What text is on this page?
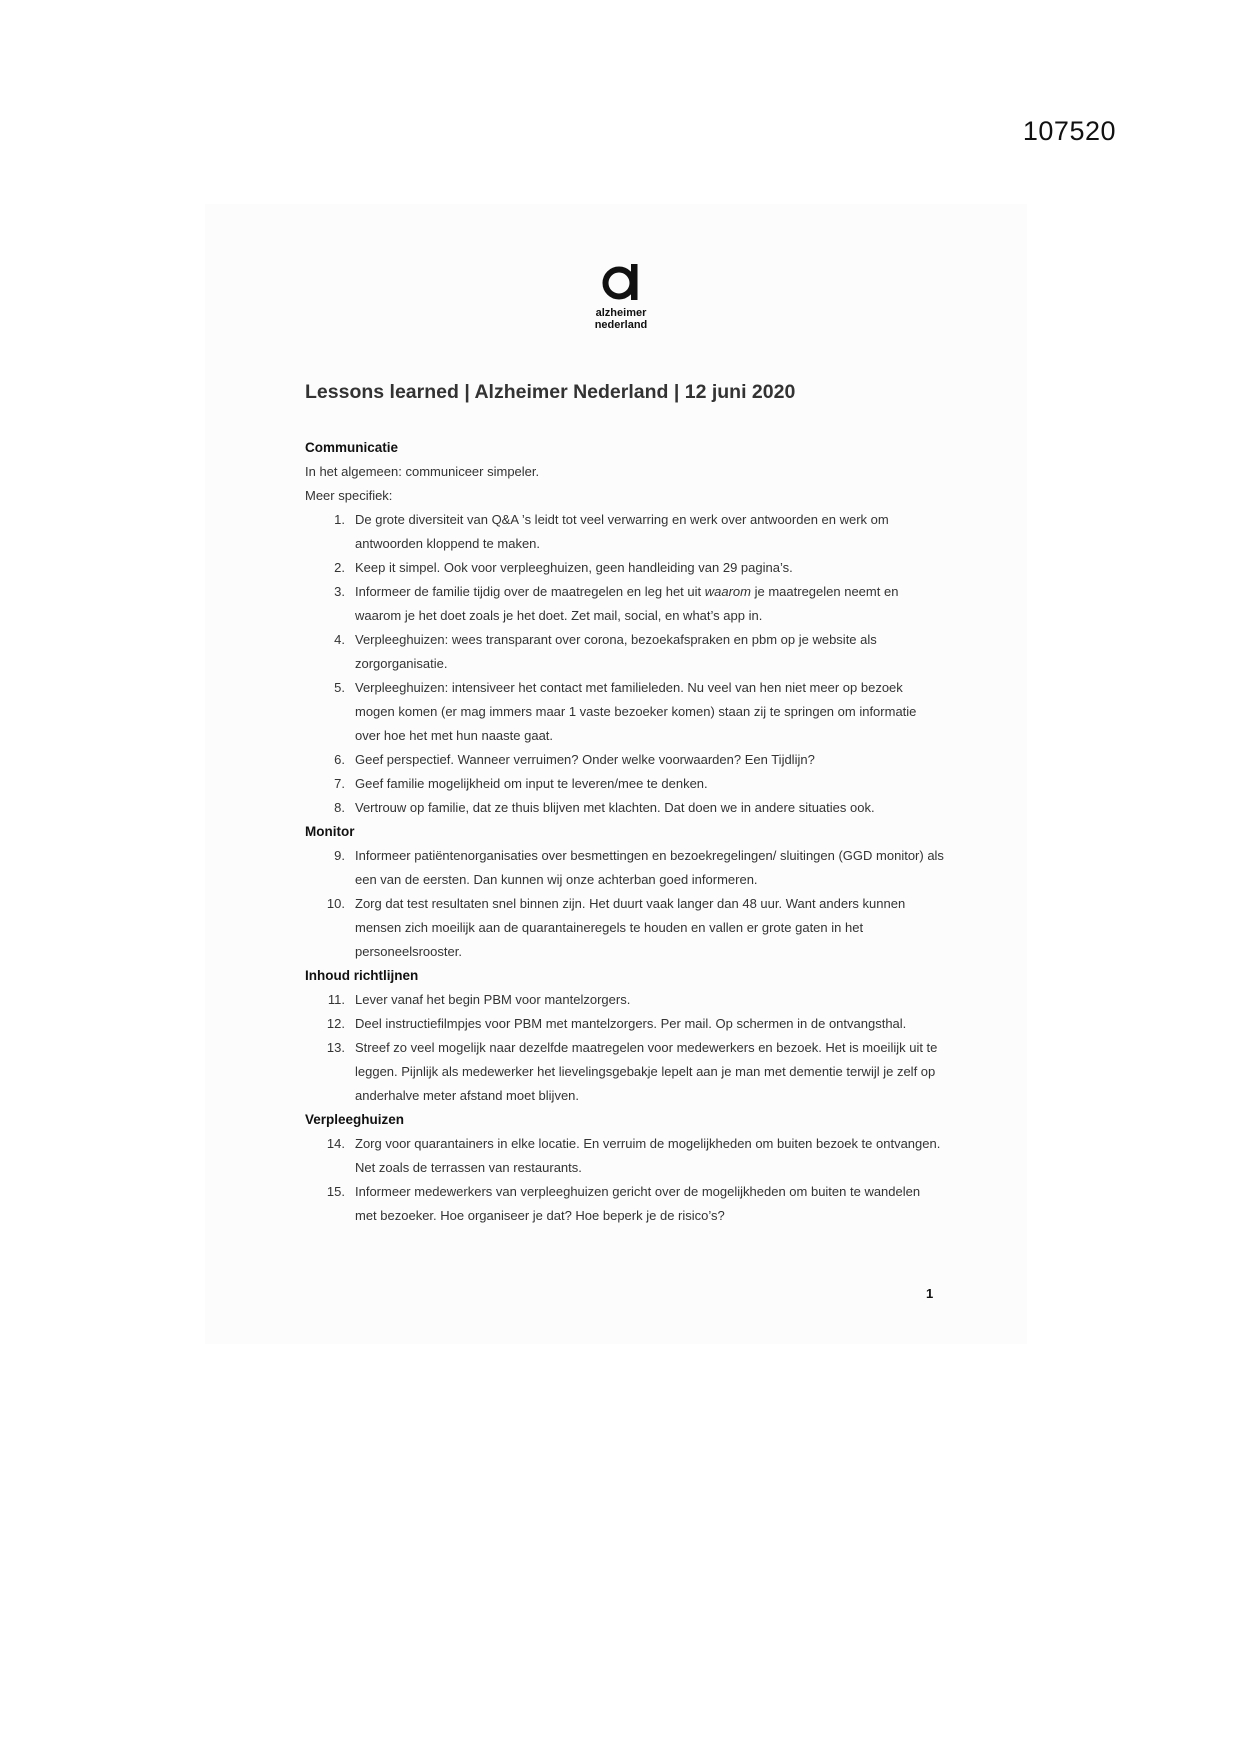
107520
alzheimer
nederland
Lessons learned | Alzheimer Nederland | 12 juni 2020
Communicatie
In het algemeen: communiceer simpeler.
Meer specifiek:
1. De grote diversiteit van Q&A ’s leidt tot veel verwarring en werk over antwoorden en werk om antwoorden kloppend te maken.
2. Keep it simpel. Ook voor verpleeghuizen, geen handleiding van 29 pagina’s.
3. Informeer de familie tijdig over de maatregelen en leg het uit waarom je maatregelen neemt en waarom je het doet zoals je het doet. Zet mail, social, en what’s app in.
4. Verpleeghuizen: wees transparant over corona, bezoekafspraken en pbm op je website als zorgorganisatie.
5. Verpleeghuizen: intensiveer het contact met familieleden. Nu veel van hen niet meer op bezoek mogen komen (er mag immers maar 1 vaste bezoeker komen) staan zij te springen om informatie over hoe het met hun naaste gaat.
6. Geef perspectief. Wanneer verruimen? Onder welke voorwaarden? Een Tijdlijn?
7. Geef familie mogelijkheid om input te leveren/mee te denken.
8. Vertrouw op familie, dat ze thuis blijven met klachten. Dat doen we in andere situaties ook.
Monitor
9. Informeer patiëntenorganisaties over besmettingen en bezoekregelingen/ sluitingen (GGD monitor) als een van de eersten. Dan kunnen wij onze achterban goed informeren.
10. Zorg dat test resultaten snel binnen zijn. Het duurt vaak langer dan 48 uur. Want anders kunnen mensen zich moeilijk aan de quarantaineregels te houden en vallen er grote gaten in het personeelsrooster.
Inhoud richtlijnen
11. Lever vanaf het begin PBM voor mantelzorgers.
12. Deel instructiefilmpjes voor PBM met mantelzorgers. Per mail. Op schermen in de ontvangsthal.
13. Streef zo veel mogelijk naar dezelfde maatregelen voor medewerkers en bezoek. Het is moeilijk uit te leggen. Pijnlijk als medewerker het lievelingsgebakje lepelt aan je man met dementie terwijl je zelf op anderhalve meter afstand moet blijven.
Verpleeghuizen
14. Zorg voor quarantainers in elke locatie. En verruim de mogelijkheden om buiten bezoek te ontvangen. Net zoals de terrassen van restaurants.
15. Informeer medewerkers van verpleeghuizen gericht over de mogelijkheden om buiten te wandelen met bezoeker. Hoe organiseer je dat? Hoe beperk je de risico’s?
1
